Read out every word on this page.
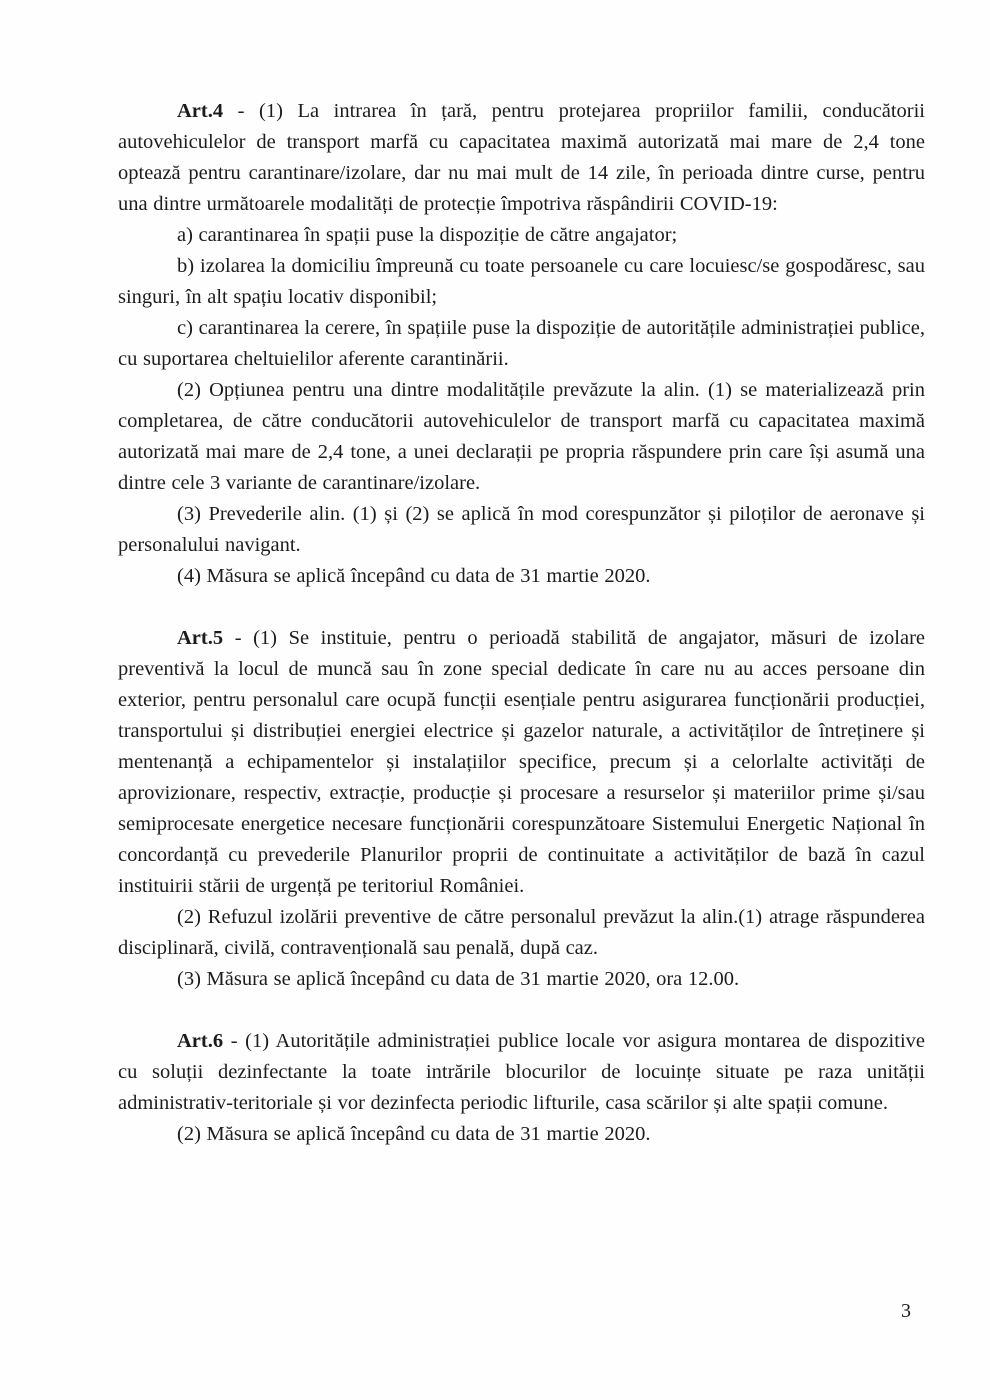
Art.4 - (1) La intrarea în țară, pentru protejarea propriilor familii, conducătorii autovehiculelor de transport marfă cu capacitatea maximă autorizată mai mare de 2,4 tone optează pentru carantinare/izolare, dar nu mai mult de 14 zile, în perioada dintre curse, pentru una dintre următoarele modalități de protecție împotriva răspândirii COVID-19:

a) carantinarea în spații puse la dispoziție de către angajator;

b) izolarea la domiciliu împreună cu toate persoanele cu care locuiesc/se gospodăresc, sau singuri, în alt spațiu locativ disponibil;

c) carantinarea la cerere, în spațiile puse la dispoziție de autoritățile administrației publice, cu suportarea cheltuielilor aferente carantinării.

(2) Opțiunea pentru una dintre modalitățile prevăzute la alin. (1) se materializează prin completarea, de către conducătorii autovehiculelor de transport marfă cu capacitatea maximă autorizată mai mare de 2,4 tone, a unei declarații pe propria răspundere prin care își asumă una dintre cele 3 variante de carantinare/izolare.

(3) Prevederile alin. (1) și (2) se aplică în mod corespunzător și piloților de aeronave și personalului navigant.

(4) Măsura se aplică începând cu data de 31 martie 2020.

Art.5 - (1) Se instituie, pentru o perioadă stabilită de angajator, măsuri de izolare preventivă la locul de muncă sau în zone special dedicate în care nu au acces persoane din exterior, pentru personalul care ocupă funcții esențiale pentru asigurarea funcționării producției, transportului și distribuției energiei electrice și gazelor naturale, a activităților de întreținere și mentenanță a echipamentelor și instalațiilor specifice, precum și a celorlalte activități de aprovizionare, respectiv, extracție, producție și procesare a resurselor și materiilor prime și/sau semiprocesate energetice necesare funcționării corespunzătoare Sistemului Energetic Național în concordanță cu prevederile Planurilor proprii de continuitate a activităților de bază în cazul instituirii stării de urgență pe teritoriul României.

(2) Refuzul izolării preventive de către personalul prevăzut la alin.(1) atrage răspunderea disciplinară, civilă, contravențională sau penală, după caz.

(3) Măsura se aplică începând cu data de 31 martie 2020, ora 12.00.

Art.6 - (1) Autoritățile administrației publice locale vor asigura montarea de dispozitive cu soluții dezinfectante la toate intrările blocurilor de locuințe situate pe raza unității administrativ-teritoriale și vor dezinfecta periodic lifturile, casa scărilor și alte spații comune.

(2) Măsura se aplică începând cu data de 31 martie 2020.

3
